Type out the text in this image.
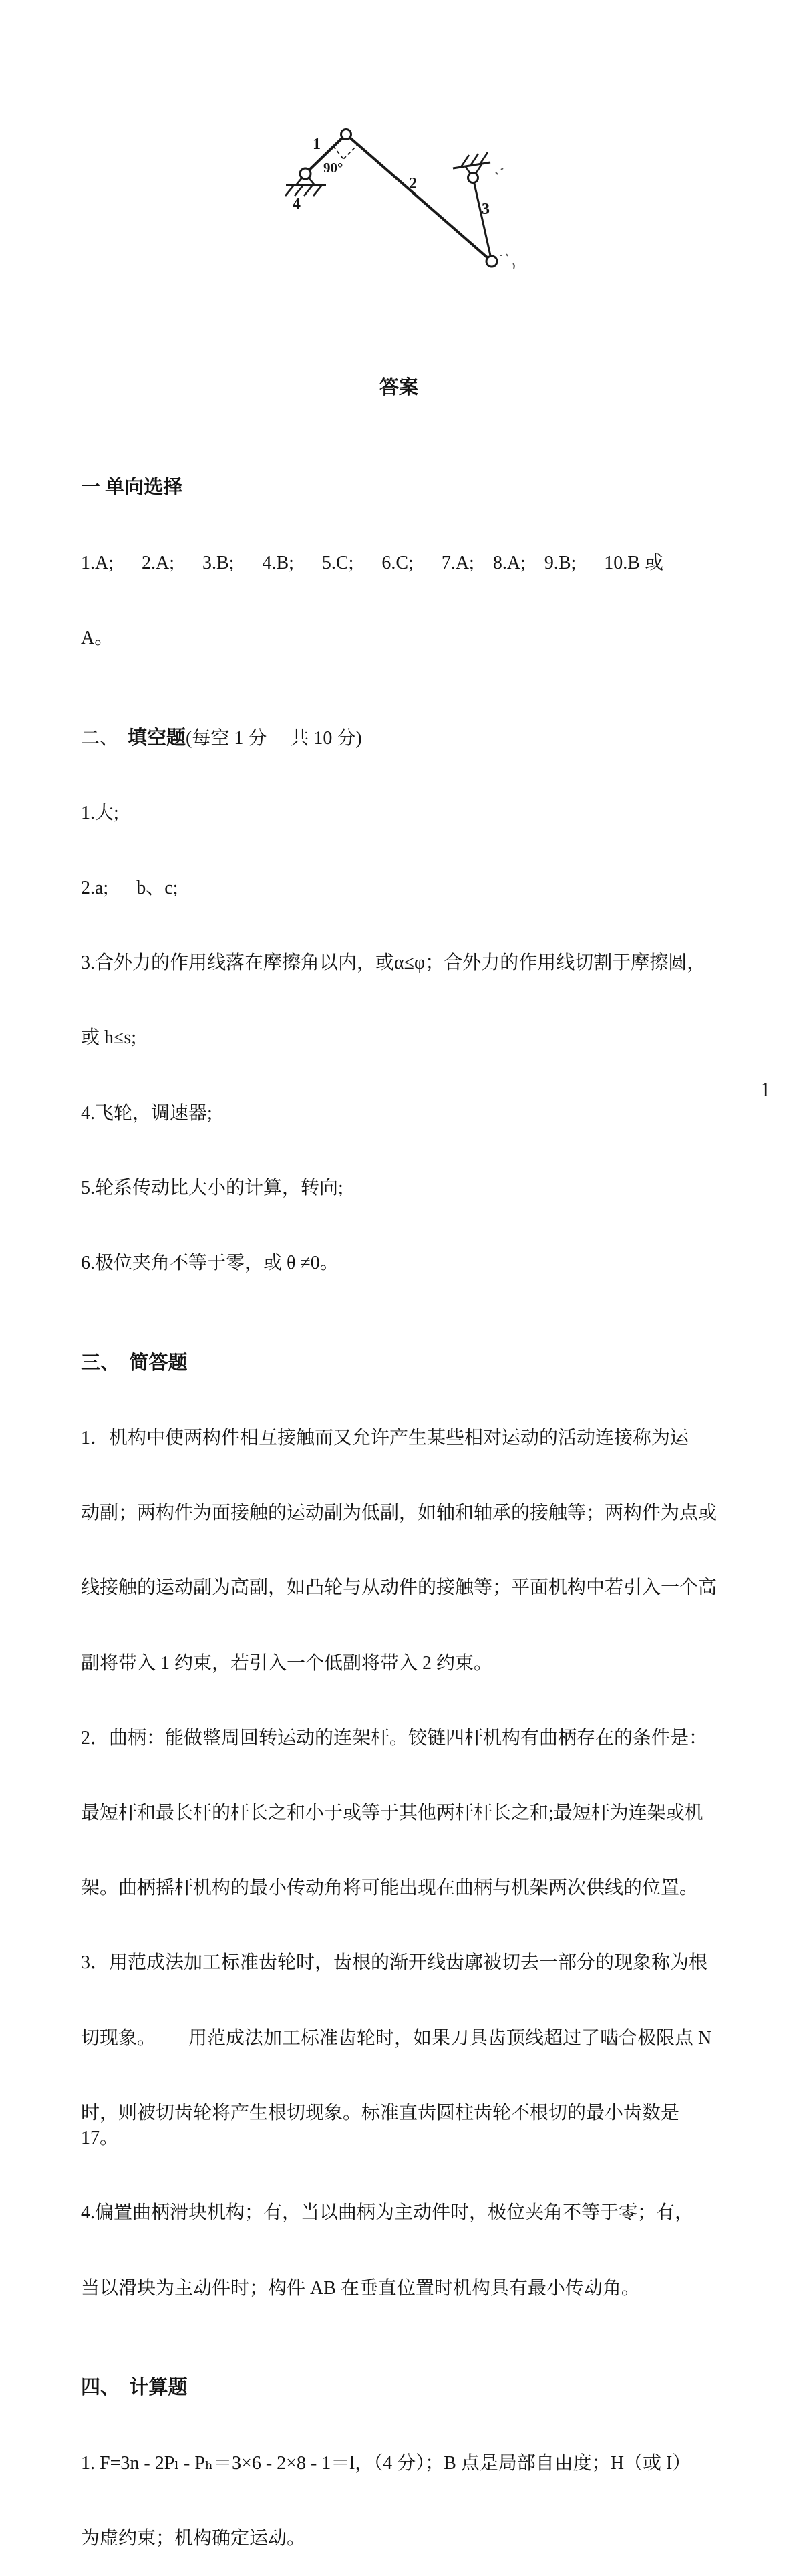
1
2
3
4
90°

答案

一 单向选择

1.A;      2.A;      3.B;      4.B;      5.C;      6.C;      7.A;    8.A;    9.B;      10.B 或

A。

二、　填空题(每空 1 分　 共 10 分)

1.大;

2.a;      b、c;

3.合外力的作用线落在摩擦角以内，或α≤φ；合外力的作用线切割于摩擦圆，

或 h≤s;

4.飞轮，调速器;

5.轮系传动比大小的计算，转向;

6.极位夹角不等于零，或 θ ≠0。

三、　简答题

1．机构中使两构件相互接触而又允许产生某些相对运动的活动连接称为运

动副；两构件为面接触的运动副为低副，如轴和轴承的接触等；两构件为点或

线接触的运动副为高副，如凸轮与从动件的接触等；平面机构中若引入一个高

副将带入 1 约束，若引入一个低副将带入 2 约束。

2．曲柄：能做整周回转运动的连架杆。铰链四杆机构有曲柄存在的条件是：

最短杆和最长杆的杆长之和小于或等于其他两杆杆长之和;最短杆为连架或机

架。曲柄摇杆机构的最小传动角将可能出现在曲柄与机架两次供线的位置。

3．用范成法加工标准齿轮时，齿根的渐开线齿廓被切去一部分的现象称为根

切现象。　　 用范成法加工标准齿轮时，如果刀具齿顶线超过了啮合极限点 N

时，则被切齿轮将产生根切现象。标准直齿圆柱齿轮不根切的最小齿数是 17。

4.偏置曲柄滑块机构；有，当以曲柄为主动件时，极位夹角不等于零；有，

当以滑块为主动件时；构件 AB 在垂直位置时机构具有最小传动角。

四、　计算题

1. F=3n - 2Pₗ - Pₕ＝3×6 - 2×8 - 1＝l，（4 分）；B 点是局部自由度；H（或 I）

为虚约束；机构确定运动。

1
